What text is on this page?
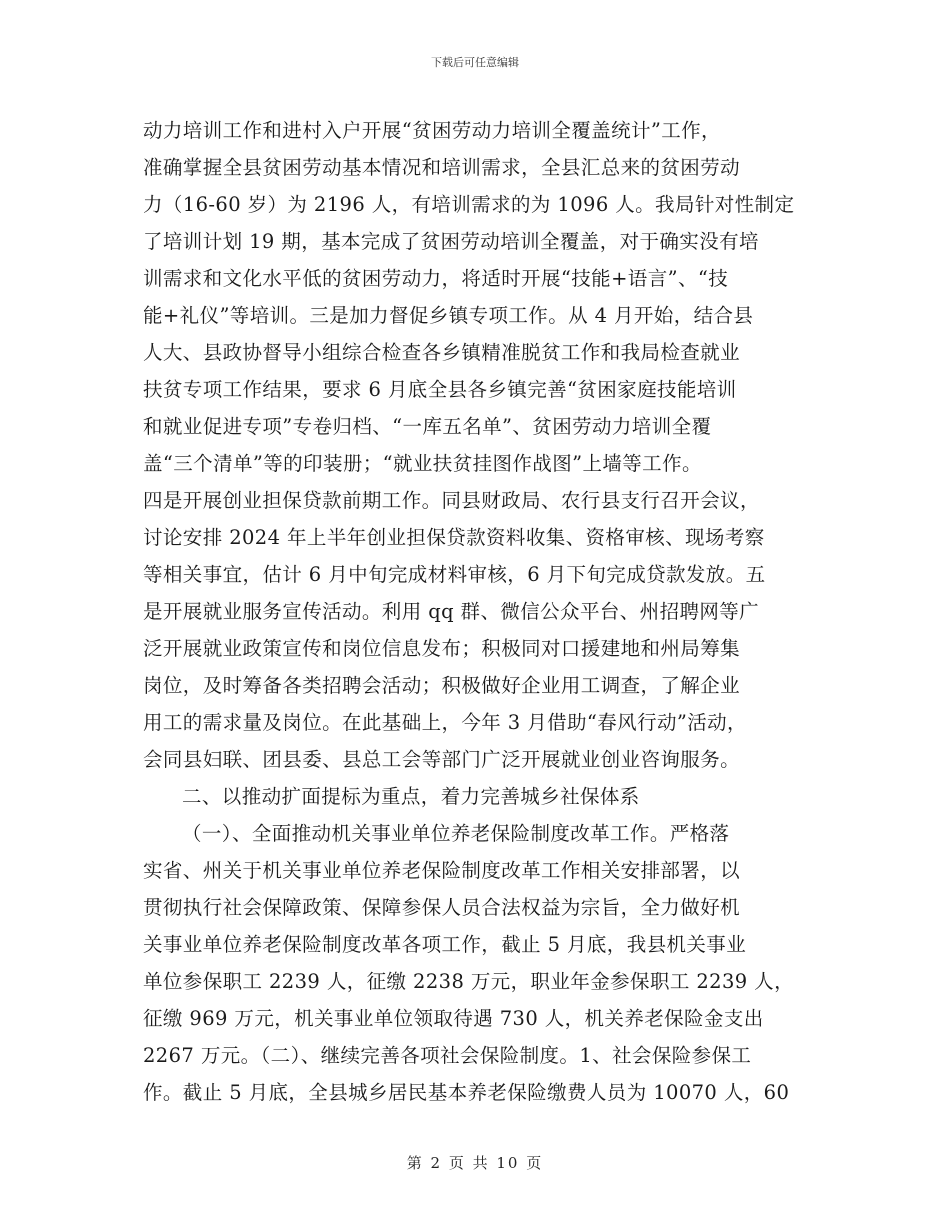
下载后可任意编辑
动力培训工作和进村入户开展“贫困劳动力培训全覆盖统计”工作，
准确掌握全县贫困劳动基本情况和培训需求，全县汇总来的贫困劳动
力（16-60 岁）为 2196 人，有培训需求的为 1096 人。我局针对性制定
了培训计划 19 期，基本完成了贫困劳动培训全覆盖，对于确实没有培
训需求和文化水平低的贫困劳动力，将适时开展“技能+语言”、“技
能+礼仪”等培训。三是加力督促乡镇专项工作。从 4 月开始，结合县
人大、县政协督导小组综合检查各乡镇精准脱贫工作和我局检查就业
扶贫专项工作结果，要求 6 月底全县各乡镇完善“贫困家庭技能培训
和就业促进专项”专卷归档、“一库五名单”、贫困劳动力培训全覆
盖“三个清单”等的印装册；“就业扶贫挂图作战图”上墙等工作。
四是开展创业担保贷款前期工作。同县财政局、农行县支行召开会议，
讨论安排 2024 年上半年创业担保贷款资料收集、资格审核、现场考察
等相关事宜，估计 6 月中旬完成材料审核，6 月下旬完成贷款发放。五
是开展就业服务宣传活动。利用 qq 群、微信公众平台、州招聘网等广
泛开展就业政策宣传和岗位信息发布；积极同对口援建地和州局筹集
岗位，及时筹备各类招聘会活动；积极做好企业用工调查，了解企业
用工的需求量及岗位。在此基础上，今年 3 月借助“春风行动”活动，
会同县妇联、团县委、县总工会等部门广泛开展就业创业咨询服务。
二、以推动扩面提标为重点，着力完善城乡社保体系
（一）、全面推动机关事业单位养老保险制度改革工作。严格落
实省、州关于机关事业单位养老保险制度改革工作相关安排部署，以
贯彻执行社会保障政策、保障参保人员合法权益为宗旨，全力做好机
关事业单位养老保险制度改革各项工作，截止 5 月底，我县机关事业
单位参保职工 2239 人，征缴 2238 万元，职业年金参保职工 2239 人，
征缴 969 万元，机关事业单位领取待遇 730 人，机关养老保险金支出
2267 万元。（二）、继续完善各项社会保险制度。1、社会保险参保工
作。截止 5 月底，全县城乡居民基本养老保险缴费人员为 10070 人，60
第 2 页 共 10 页
